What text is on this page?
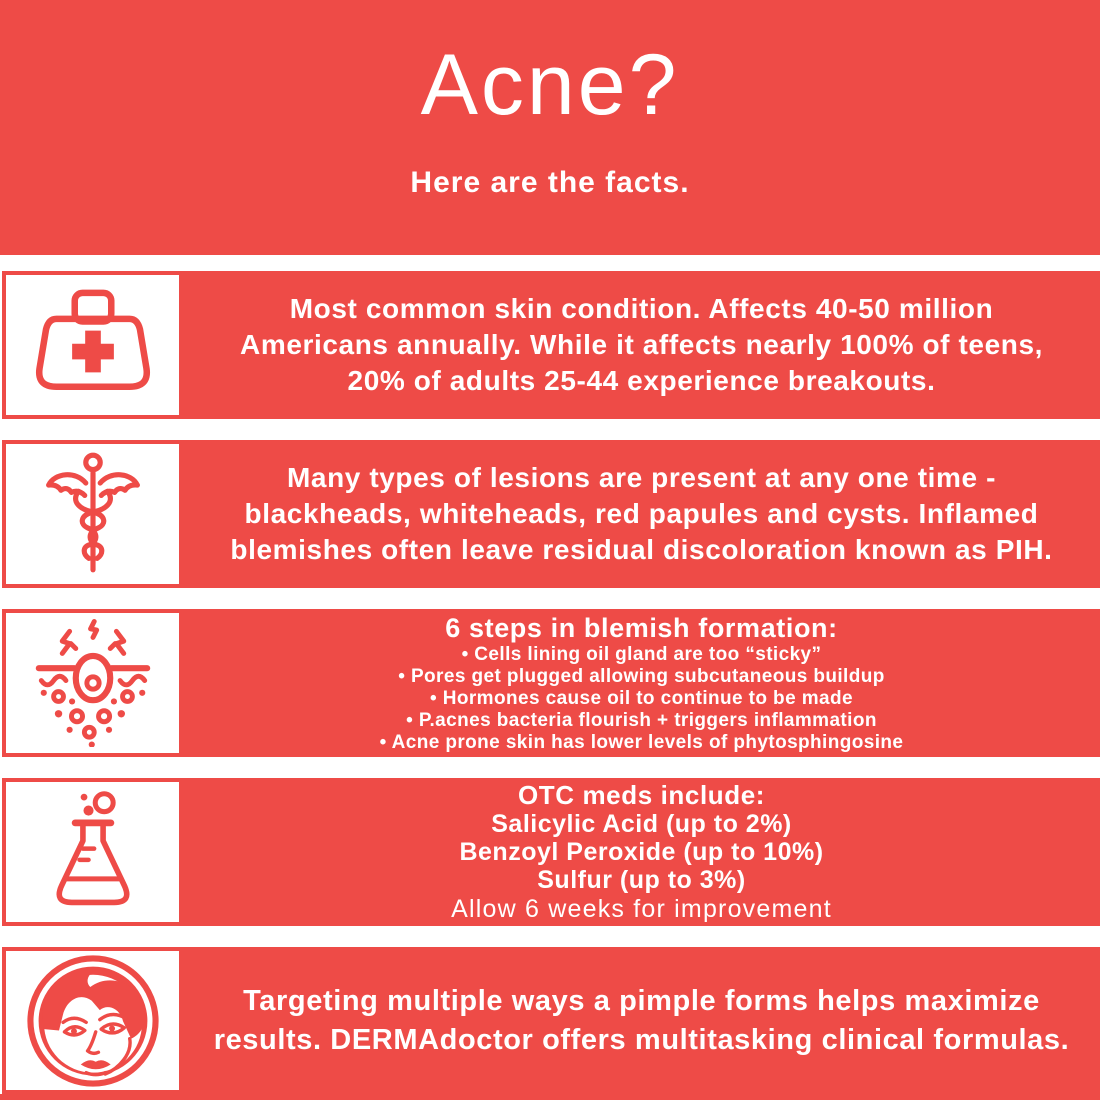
Acne?

Here are the facts.

Most common skin condition. Affects 40-50 million
Americans annually. While it affects nearly 100% of teens,
20% of adults 25-44 experience breakouts.
Many types of lesions are present at any one time -
blackheads, whiteheads, red papules and cysts. Inflamed
blemishes often leave residual discoloration known as PIH.
6 steps in blemish formation:
• Cells lining oil gland are too “sticky”
• Pores get plugged allowing subcutaneous buildup
• Hormones cause oil to continue to be made
• P.acnes bacteria flourish + triggers inflammation
• Acne prone skin has lower levels of phytosphingosine
OTC meds include:
Salicylic Acid (up to 2%)
Benzoyl Peroxide (up to 10%)
Sulfur (up to 3%)
Allow 6 weeks for improvement
Targeting multiple ways a pimple forms helps maximize
results. DERMAdoctor offers multitasking clinical formulas.
